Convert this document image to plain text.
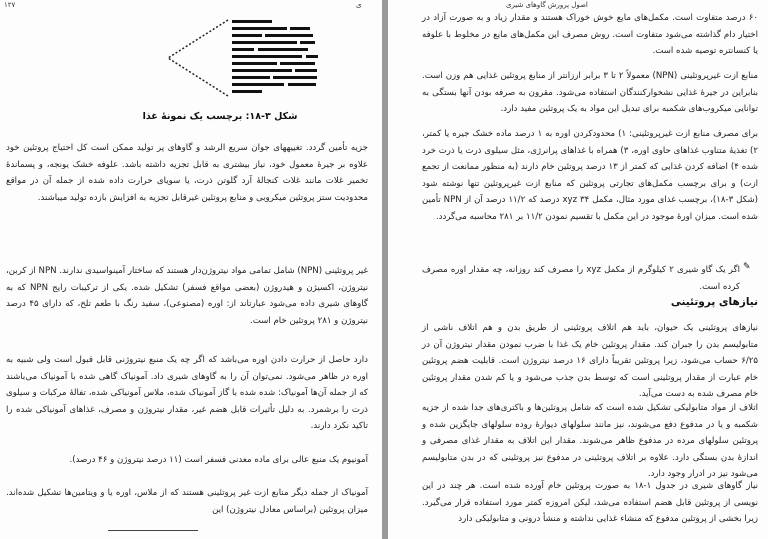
۱۲۷	ی
شکل ۳-۱۸: برچسب یک نمونهٔ غذا
جزیه تأمین گردد. تغییههای جوان سریع الرشد و گاوهای پر تولید ممکن است کل احتیاج پروتئین خود علاوه بر جیرهٔ معمول خود، نیاز بیشتری به قابل تجزیه داشته باشد. علوفه خشک یونجه، و پسماندهٔ تخمیر غلات مانند غلات کنجالهٔ آرد گلوتن ذرت، یا سویای حرارت داده شده از جمله آن در مواقع محدودیت ستز پروتئین میکروبی و منابع پروتئین غیرقابل تجزیه به افزایش بازده تولید میباشند.
غیر پروتئینی (NPN) شامل تمامی مواد نیتروژن‌دار هستند که ساختار آمینواسیدی ندارند. NPN از کربن، نیتروژن، اکسیژن و هیدروژن (بعضی مواقع فسفر) تشکیل شده. یکی از ترکیبات رایج NPN که به گاوهای شیری داده می‌شود عبارتاند از: اوره (مصنوعی)، سفید رنگ با طعم تلخ، که دارای ۴۵ درصد نیتروژن و ۲۸۱ پروتئین خام است.
دارد حاصل از حرارت دادن اوره می‌باشد که اگر چه یک منبع نیتروژنی قابل قبول است ولی شبیه به اوره در ظاهر می‌شود. نمی‌توان آن را به گاوهای شیری داد. آمونیاک گاهی شده با آمونیاک می‌باشند که از جمله آن‌ها آمونیاک: شده شده با گاز آمونیاک شده، ملاس آمونیاکی شده، تفالهٔ مرکبات و سیلوی ذرت را برشمرد. به دلیل تأثیرات قابل هضم غیر، مقدار نیتروژن و مصرف، غذاهای آمونیاکی شده را تاکید نکرد دارند.
آمونیوم یک منبع عالی برای ماده معدنی فسفر است (۱۱ درصد نیتروژن و ۴۶ درصد).
آمونیاک از جمله دیگر منابع ازت غیر پروتئینی هستند که از ملاس، اوره یا و ویتامین‌ها تشکیل شده‌اند. میزان پروتئین (براساس معادل نیتروژن) این
اصول پرورش گاوهای شیری
۶۰ درصد متفاوت است. مکمل‌های مایع خوش خوراک هستند و مقدار زیاد و به صورت آزاد در اختیار دام گذاشته می‌شود متفاوت است. روش مصرف این مکمل‌های مایع در مخلوط با علوفه یا کنسانتره توصیه شده است.
منابع ازت غیرپروتئینی (NPN) معمولاً ۲ تا ۳ برابر ارزانتر از منابع پروتئین غذایی هم وزن است. بنابراین در جیرهٔ غذایی نشخوارکنندگان استفاده می‌شود. مقرون به صرفه بودن آنها بستگی به توانایی میکروب‌های شکمبه برای تبدیل این مواد به یک پروتئین مفید دارد.
برای مصرف منابع ازت غیرپروتئینی: ۱) محدودکردن اوره به ۱ درصد ماده خشک جیره یا کمتر، ۲) تغذیهٔ متناوب غذاهای حاوی اوره، ۳) همراه با غذاهای پرانرژی، مثل سیلوی ذرت یا ذرت خرد شده ۴) اضافه کردن غذایی که کمتر از ۱۳ درصد پروتئین خام دارند (به منظور ممانعت از تجمع ازت) و برای برچسب مکمل‌های تجارتی پروتئین که منابع ازت غیرپروتئین تنها نوشته شود (شکل ۳-۱۸)، برچسب غذای مورد مثال، مکمل xyz ۳۴ درصد که ۱۱/۲ درصد آن از NPN تأمین شده است. میزان اورهٔ موجود در این مکمل با تقسیم نمودن ۱۱/۲ بر ۲۸۱ محاسبه می‌گردد.
✎
اگر یک گاو شیری ۲ کیلوگرم از مکمل xyz را مصرف کند روزانه، چه مقدار اوره مصرف کرده است.
نیازهای پروتئینی
نیازهای پروتئینی یک حیوان، باید هم اتلاف پروتئینی از طریق بدن و هم اتلاف ناشی از متابولیسم بدن را جبران کند. مقدار پروتئین خام یک غذا با ضرب نمودن مقدار نیتروژن آن در ۶/۲۵ حساب می‌شود، زیرا پروتئین تقریباً دارای ۱۶ درصد نیتروژن است. قابلیت هضم پروتئین خام عبارت از مقدار پروتئینی است که توسط بدن جذب می‌شود و یا کم شدن مقدار پروتئین خام مصرف شده به دست می‌آید.
اتلاف از مواد متابولیکی تشکیل شده است که شامل پروتئین‌ها و باکتری‌های جدا شده از جزیه شکمبه و یا در مدفوع دفع می‌شوند، نیز مانند سلولهای دیوارهٔ روده سلولهای جایگزین شده و پروتئین سلولهای مرده در مدفوع ظاهر می‌شوند. مقدار این اتلاف به مقدار غذای مصرفی و اندازهٔ بدن بستگی دارد. علاوه بر اتلاف پروتئینی در مدفوع نیز پروتئینی که در بدن متابولیسم می‌شود نیز در ادرار وجود دارد.
نیاز گاوهای شیری در جدول ۱-۱۸ به صورت پروتئین خام آورده شده است. هر چند در این نویسی از پروتئین قابل هضم استفاده می‌شد، لیکن امروزه کمتر مورد استفاده قرار می‌گیرد. زیرا بخشی از پروتئین مدفوع که منشاء غذایی نداشته و منشأ درونی و متابولیکی دارد
